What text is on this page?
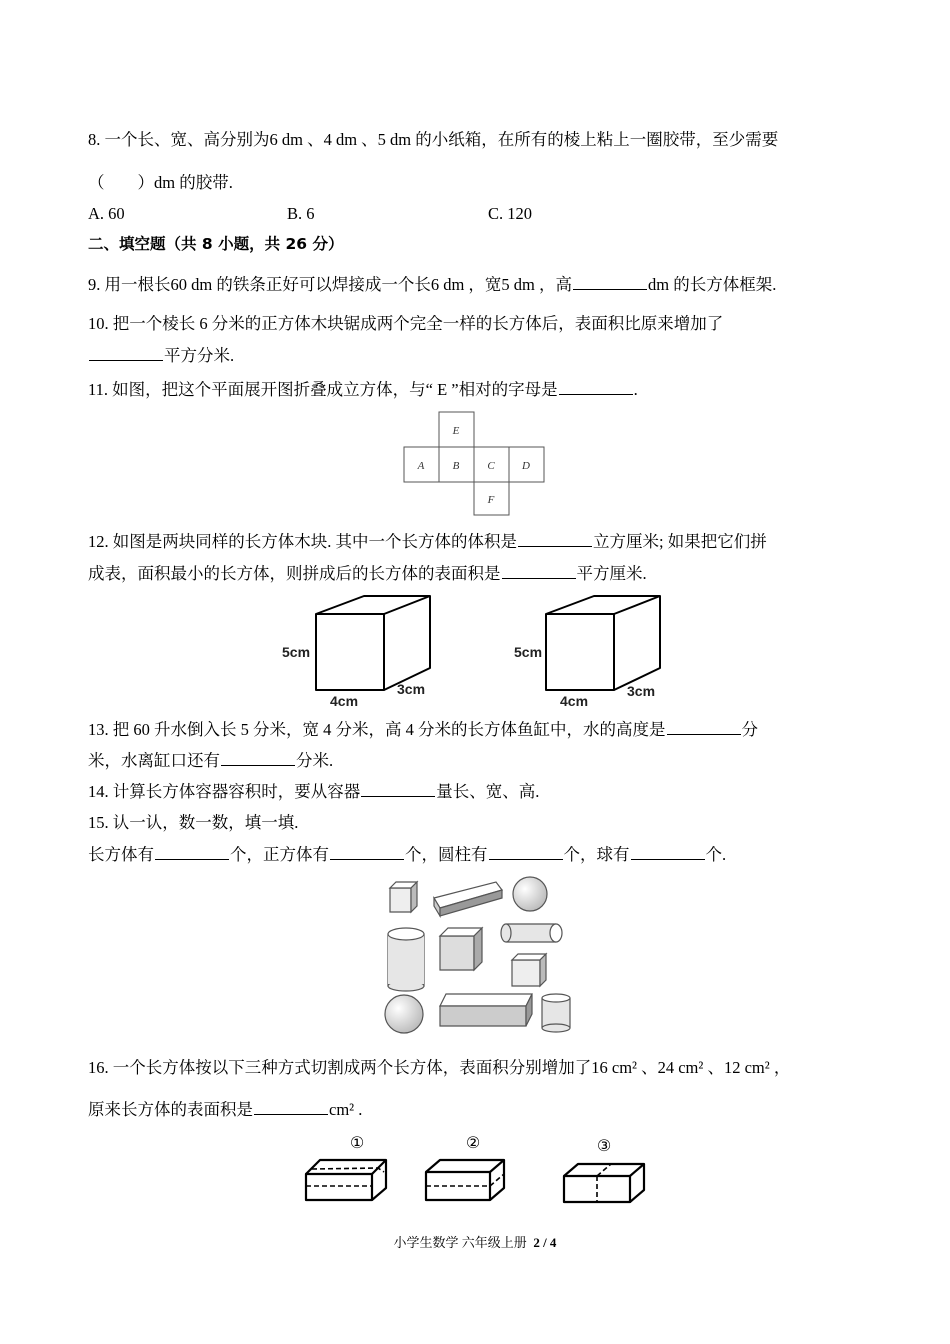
8. 一个长、宽、高分别为6 dm 、4 dm 、5 dm 的小纸箱，在所有的棱上粘上一圈胶带，至少需要
（　　）dm 的胶带.
A. 60	B. 6	C. 120
二、填空题（共 8 小题，共 26 分）
9. 用一根长60 dm 的铁条正好可以焊接成一个长6 dm ，宽5 dm ，高	dm 的长方体框架.
10. 把一个棱长 6 分米的正方体木块锯成两个完全一样的长方体后，表面积比原来增加了
平方分米.
11. 如图，把这个平面展开图折叠成立方体，与“ E ”相对的字母是	.
E
A	B	C D
F
12. 如图是两块同样的长方体木块. 其中一个长方体的体积是	立方厘米; 如果把它们拼
成表，面积最小的长方体，则拼成后的长方体的表面积是	平方厘米.
5cm
4cm
3cm
5cm
4cm
3cm
13. 把 60 升水倒入长 5 分米，宽 4 分米，高 4 分米的长方体鱼缸中，水的高度是	分
米，水离缸口还有	分米.
14. 计算长方体容器容积时，要从容器	量长、宽、高.
15. 认一认，数一数，填一填.
长方体有	个，正方体有	个，圆柱有	个，球有	个.
16. 一个长方体按以下三种方式切割成两个长方体，表面积分别增加了16 cm² 、24 cm² 、12 cm² ，
原来长方体的表面积是	cm² .
①	②	③
小学生数学 六年级上册 2 / 4
